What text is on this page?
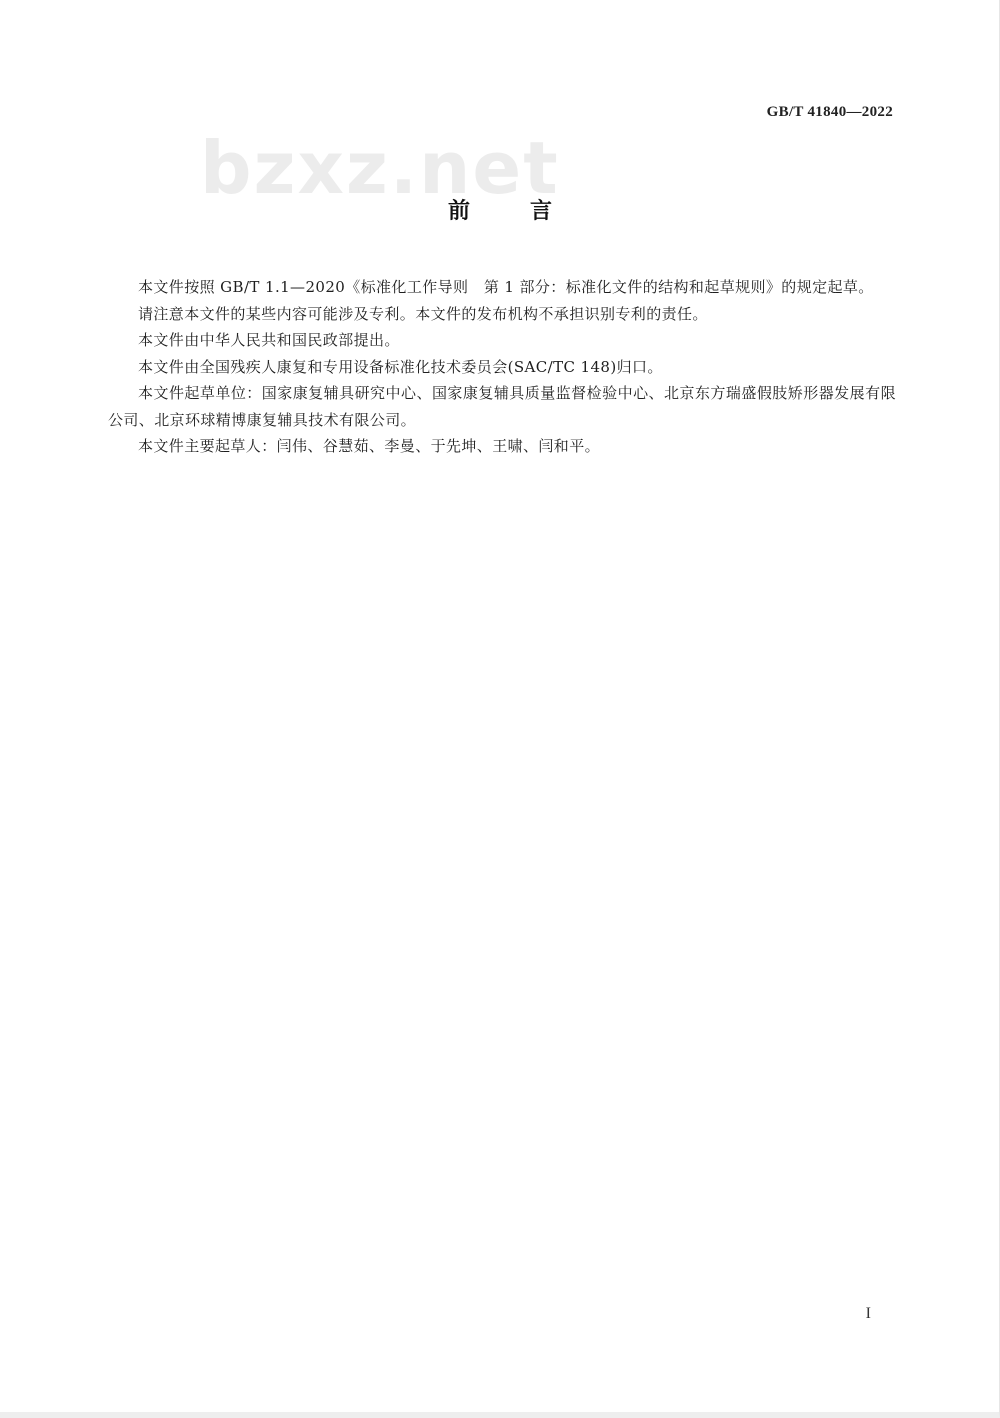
GB/T 41840—2022
bzxz.net
前言

本文件按照 GB/T 1.1—2020《标准化工作导则　第 1 部分：标准化文件的结构和起草规则》的规定起草。

请注意本文件的某些内容可能涉及专利。本文件的发布机构不承担识别专利的责任。

本文件由中华人民共和国民政部提出。

本文件由全国残疾人康复和专用设备标准化技术委员会(SAC/TC 148)归口。

本文件起草单位：国家康复辅具研究中心、国家康复辅具质量监督检验中心、北京东方瑞盛假肢矫形器发展有限公司、北京环球精博康复辅具技术有限公司。

本文件主要起草人：闫伟、谷慧茹、李曼、于先坤、王啸、闫和平。

I
